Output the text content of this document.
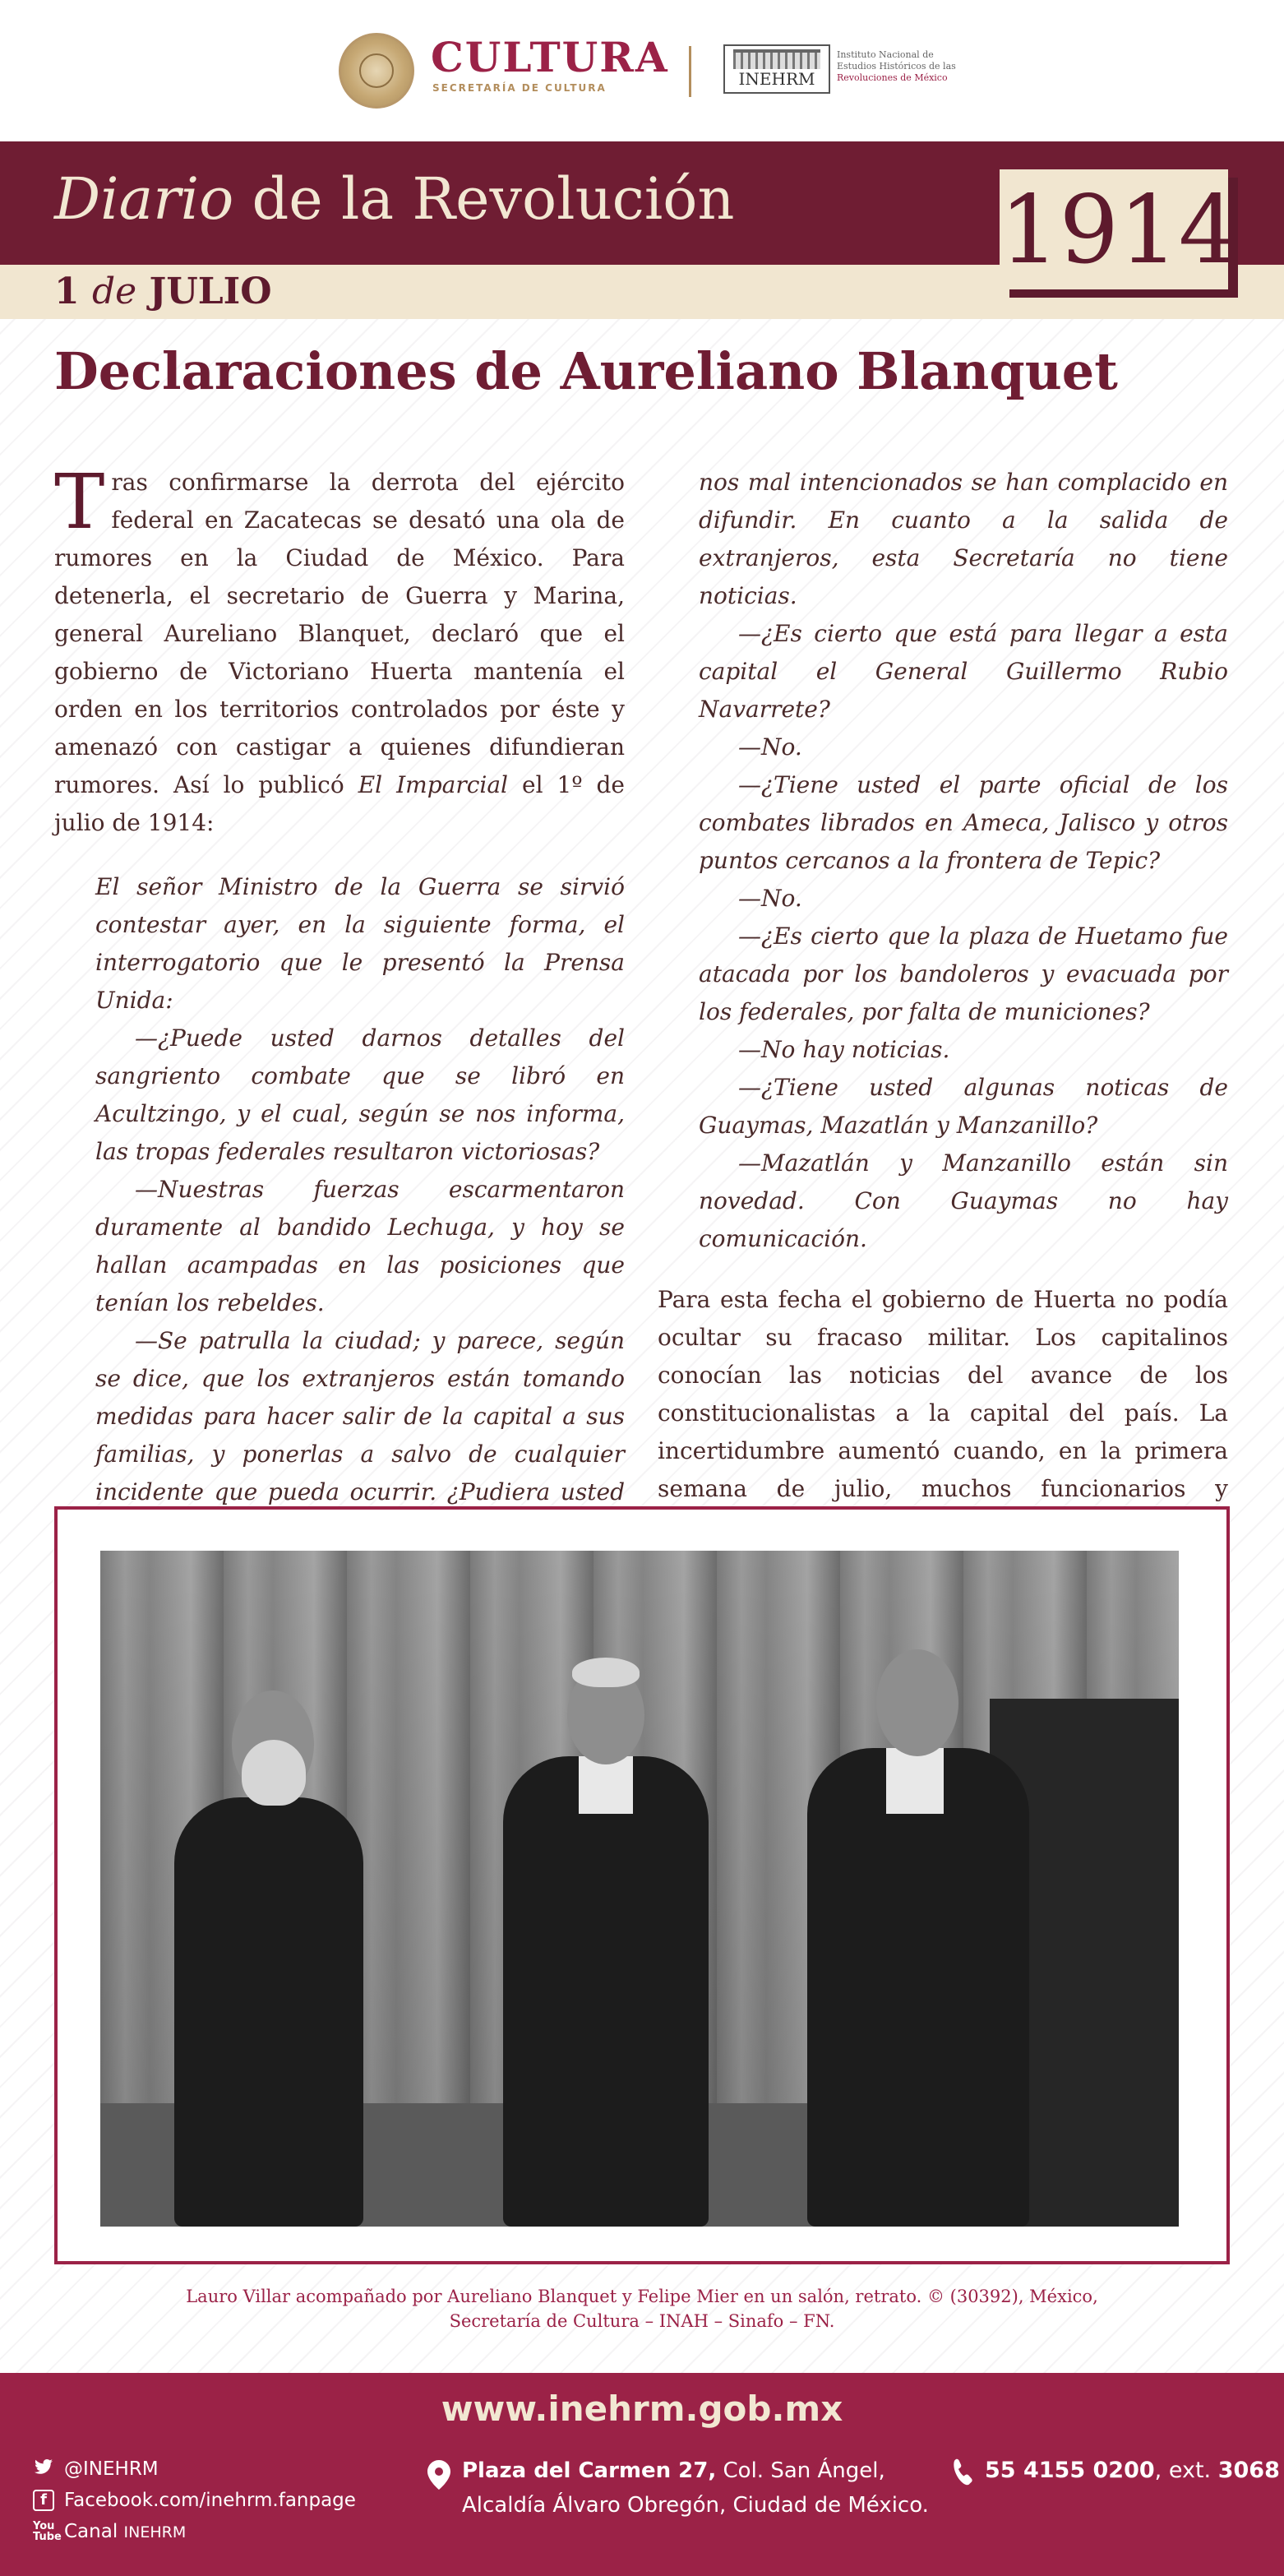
CULTURA
SECRETARÍA DE CULTURA	INEHRM
Instituto Nacional de
Estudios Históricos de las
Revoluciones de México
Diario de la Revolución
1 de JULIO
1914
Declaraciones de Aureliano Blanquet

Tras confirmarse la derrota del ejército federal en Zacatecas se desató una ola de rumores en la Ciudad de México. Para detenerla, el secretario de Guerra y Marina, general Aureliano Blanquet, declaró que el gobierno de Victoriano Huerta mantenía el orden en los territorios controlados por éste y amenazó con castigar a quienes difundieran rumores. Así lo publicó El Imparcial el 1º de julio de 1914:

El señor Ministro de la Guerra se sirvió contestar ayer, en la siguiente forma, el interrogatorio que le presentó la Prensa Unida:

—¿Puede usted darnos detalles del sangriento combate que se libró en Acultzingo, y el cual, según se nos informa, las tropas federales resultaron victoriosas?

—Nuestras fuerzas escarmentaron duramente al bandido Lechuga, y hoy se hallan acampadas en las posiciones que tenían los rebeldes.

—Se patrulla la ciudad; y parece, según se dice, que los extranjeros están tomando medidas para hacer salir de la capital a sus familias, y ponerlas a salvo de cualquier incidente que pueda ocurrir. ¿Pudiera usted

nos mal intencionados se han complacido en difundir. En cuanto a la salida de extranjeros, esta Secretaría no tiene noticias.

—¿Es cierto que está para llegar a esta capital el General Guillermo Rubio Navarrete?

—No.

—¿Tiene usted el parte oficial de los combates librados en Ameca, Jalisco y otros puntos cercanos a la frontera de Tepic?

—No.

—¿Es cierto que la plaza de Huetamo fue atacada por los bandoleros y evacuada por los federales, por falta de municiones?

—No hay noticias.

—¿Tiene usted algunas noticas de Guaymas, Mazatlán y Manzanillo?

—Mazatlán y Manzanillo están sin novedad. Con Guaymas no hay comunicación.

Para esta fecha el gobierno de Huerta no podía ocultar su fracaso militar. Los capitalinos conocían las noticias del avance de los constitucionalistas a la capital del país. La incertidumbre aumentó cuando, en la primera semana de julio, muchos funcionarios y

Lauro Villar acompañado por Aureliano Blanquet y Felipe Mier en un salón, retrato. © (30392), México,
Secretaría de Cultura – INAH – Sinafo – FN.
www.inehrm.gob.mx
@INEHRM
f Facebook.com/inehrm.fanpage
You
Tube Canal INEHRM
Plaza del Carmen 27, Col. San Ángel,
Alcaldía Álvaro Obregón, Ciudad de México.
55 4155 0200, ext. 3068
